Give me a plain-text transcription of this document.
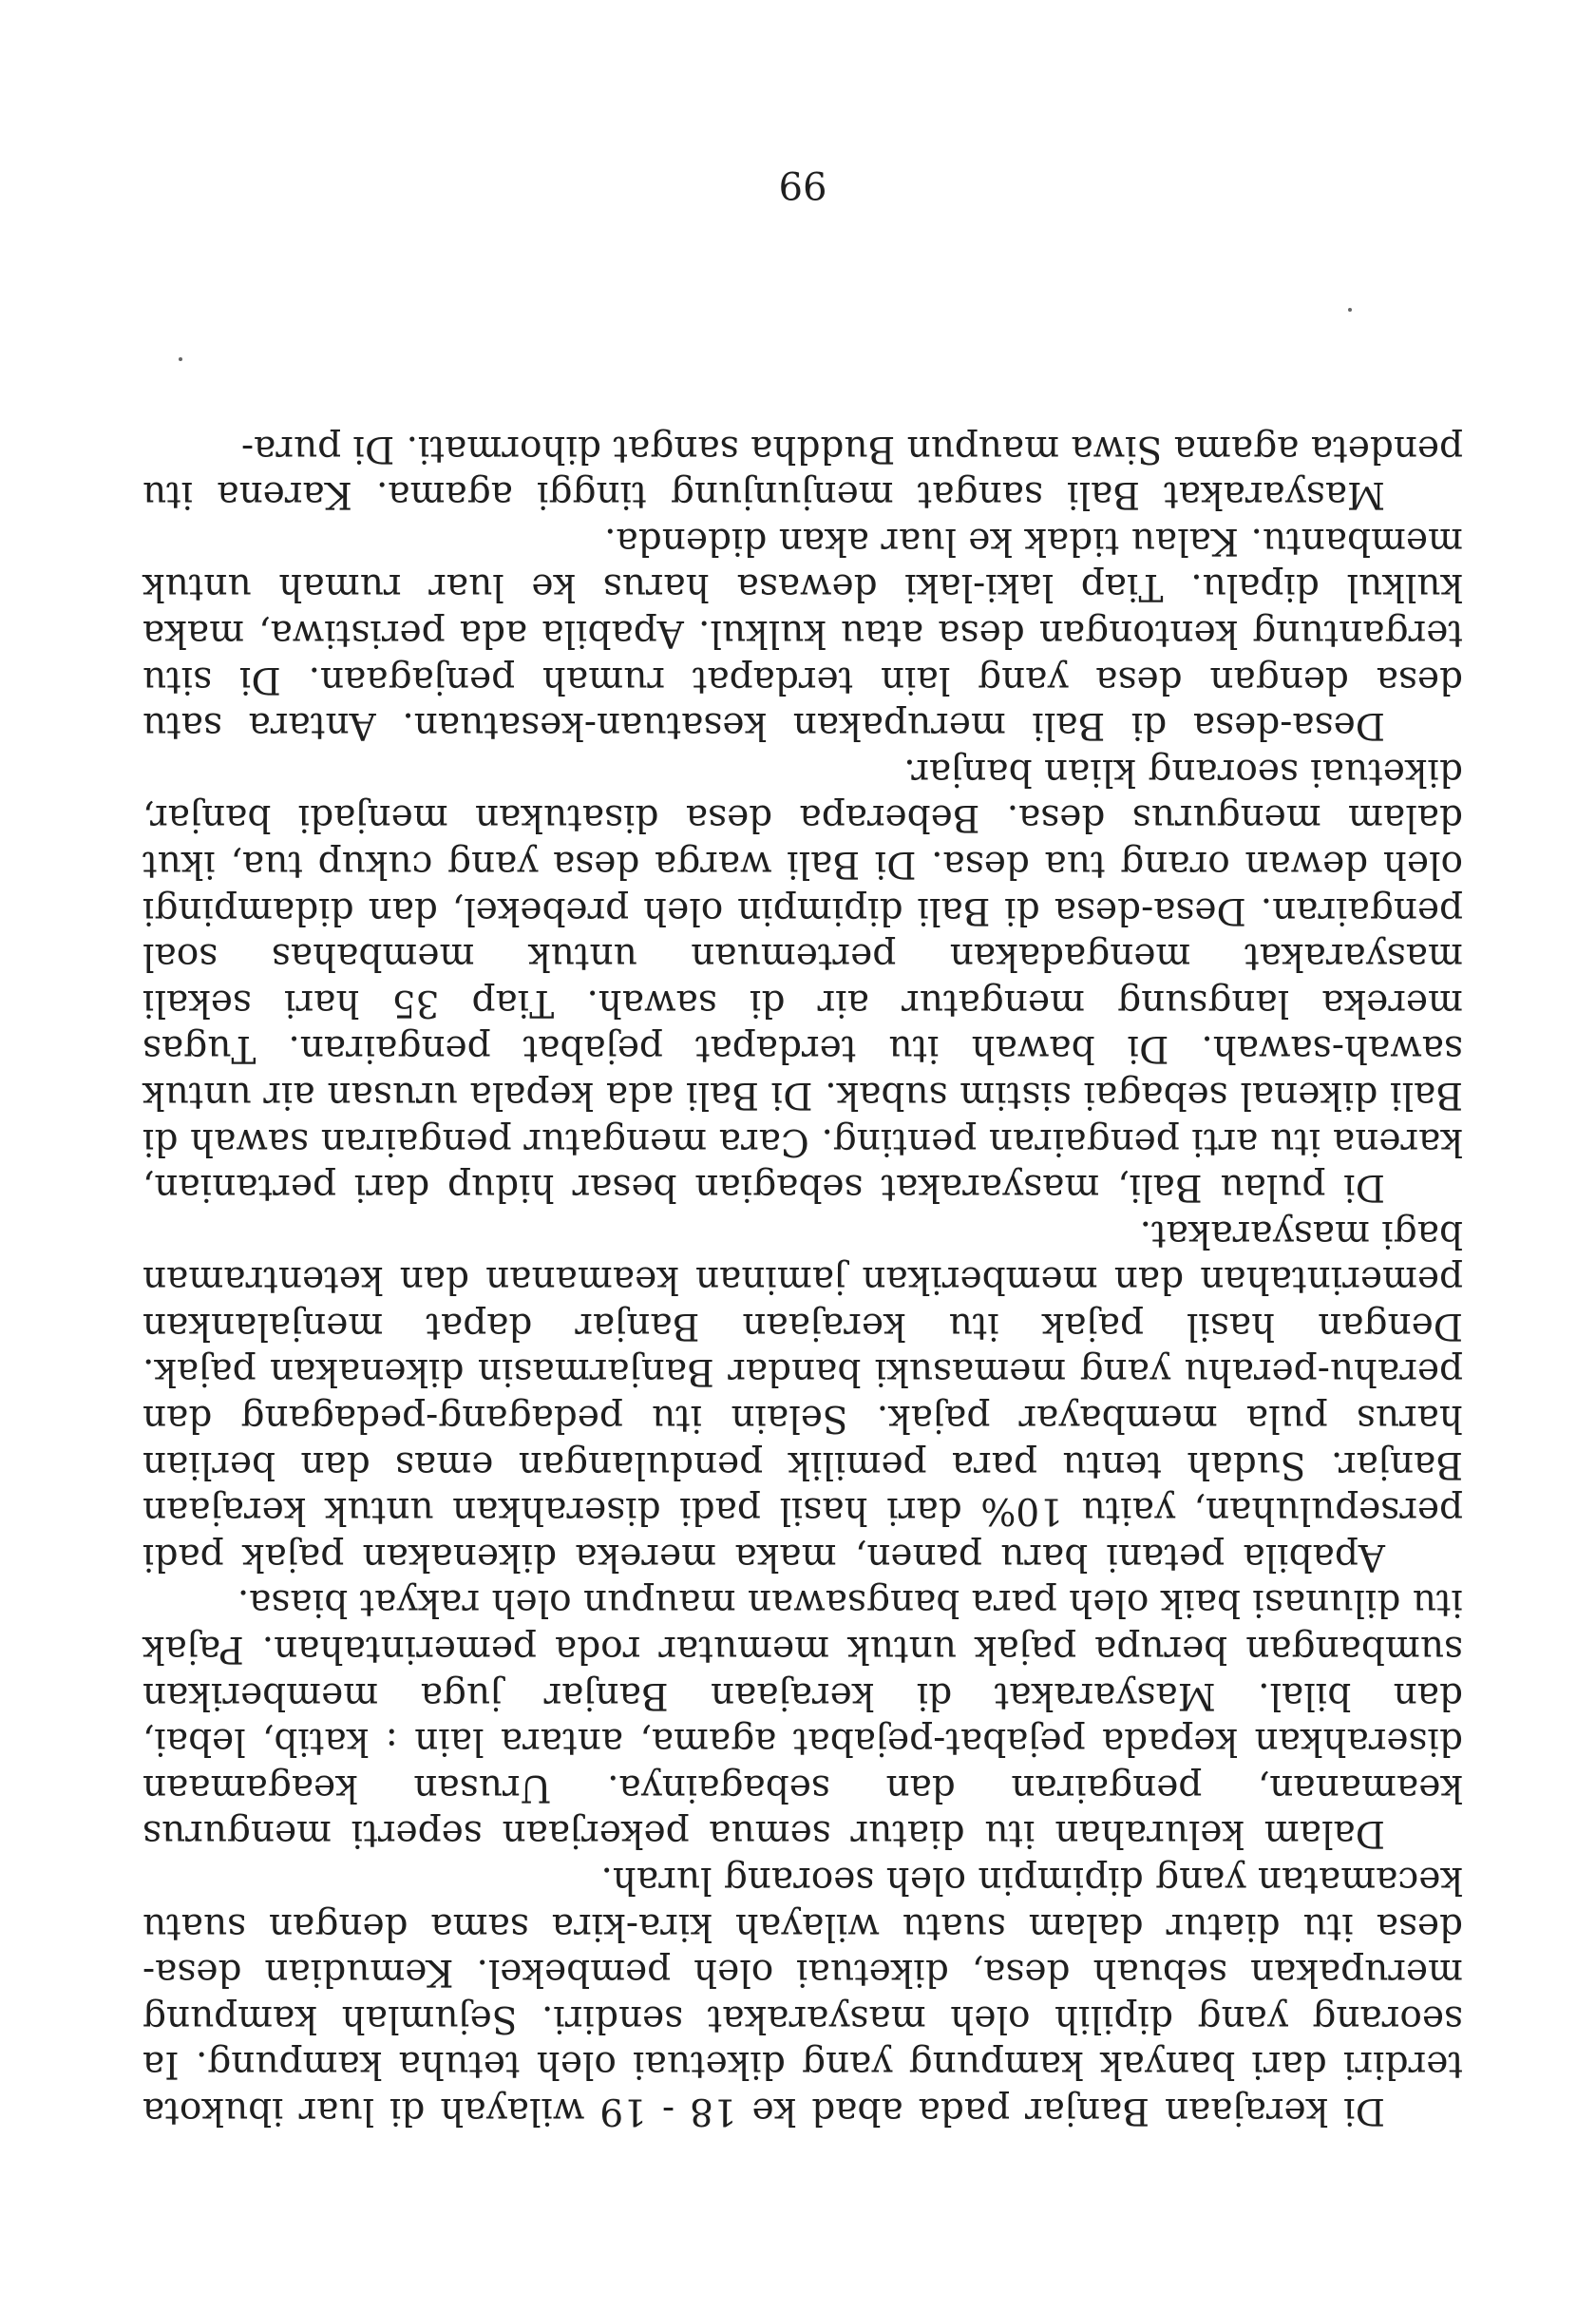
Di kerajaan Banjar pada abad ke 18 - 19 wilayah di luar ibukota terdiri dari banyak kampung yang diketuai oleh tetuha kampung. Ia seorang yang dipilih oleh masyarakat sendiri. Sejumlah kampung merupakan sebuah desa, diketuai oleh pembekel. Kemudian desa-desa itu diatur dalam suatu wilayah kira-kira sama dengan suatu kecamatan yang dipimpin oleh seorang lurah.

Dalam kelurahan itu diatur semua pekerjaan seperti mengurus keamanan, pengairan dan sebagainya. Urusan keagamaan diserahkan kepada pejabat-pejabat agama, antara lain : katib, lebai, dan bilal. Masyarakat di kerajaan Banjar juga memberikan sumbangan berupa pajak untuk memutar roda pemerintahan. Pajak itu dilunasi baik oleh para bangsawan maupun oleh rakyat biasa.

Apabila petani baru panen, maka mereka dikenakan pajak padi persepuluhan, yaitu 10% dari hasil padi diserahkan untuk kerajaan Banjar. Sudah tentu para pemilik pendulangan emas dan berlian harus pula membayar pajak. Selain itu pedagang-pedagang dan perahu-perahu yang memasuki bandar Banjarmasin dikenakan pajak. Dengan hasil pajak itu kerajaan Banjar dapat menjalankan pemerintahan dan memberikan jaminan keamanan dan ketentraman bagi masyarakat.

Di pulau Bali, masyarakat sebagian besar hidup dari pertanian, karena itu arti pengairan penting. Cara mengatur pengairan sawah di Bali dikenal sebagai sistim subak. Di Bali ada kepala urusan air untuk sawah-sawah. Di bawah itu terdapat pejabat pengairan. Tugas mereka langsung mengatur air di sawah. Tiap 35 hari sekali masyarakat mengadakan pertemuan untuk membahas soal pengairan. Desa-desa di Bali dipimpin oleh prebekel, dan didampingi oleh dewan orang tua desa. Di Bali warga desa yang cukup tua, ikut dalam mengurus desa. Beberapa desa disatukan menjadi banjar, diketuai seorang klian banjar.

Desa-desa di Bali merupakan kesatuan-kesatuan. Antara satu desa dengan desa yang lain terdapat rumah penjagaan. Di situ tergantung kentongan desa atau kulkul. Apabila ada peristiwa, maka kulkul dipalu. Tiap laki-laki dewasa harus ke luar rumah untuk membantu. Kalau tidak ke luar akan didenda.

Masyarakat Bali sangat menjunjung tinggi agama. Karena itu pendeta agama Siwa maupun Buddha sangat dihormati. Di pura-

99
